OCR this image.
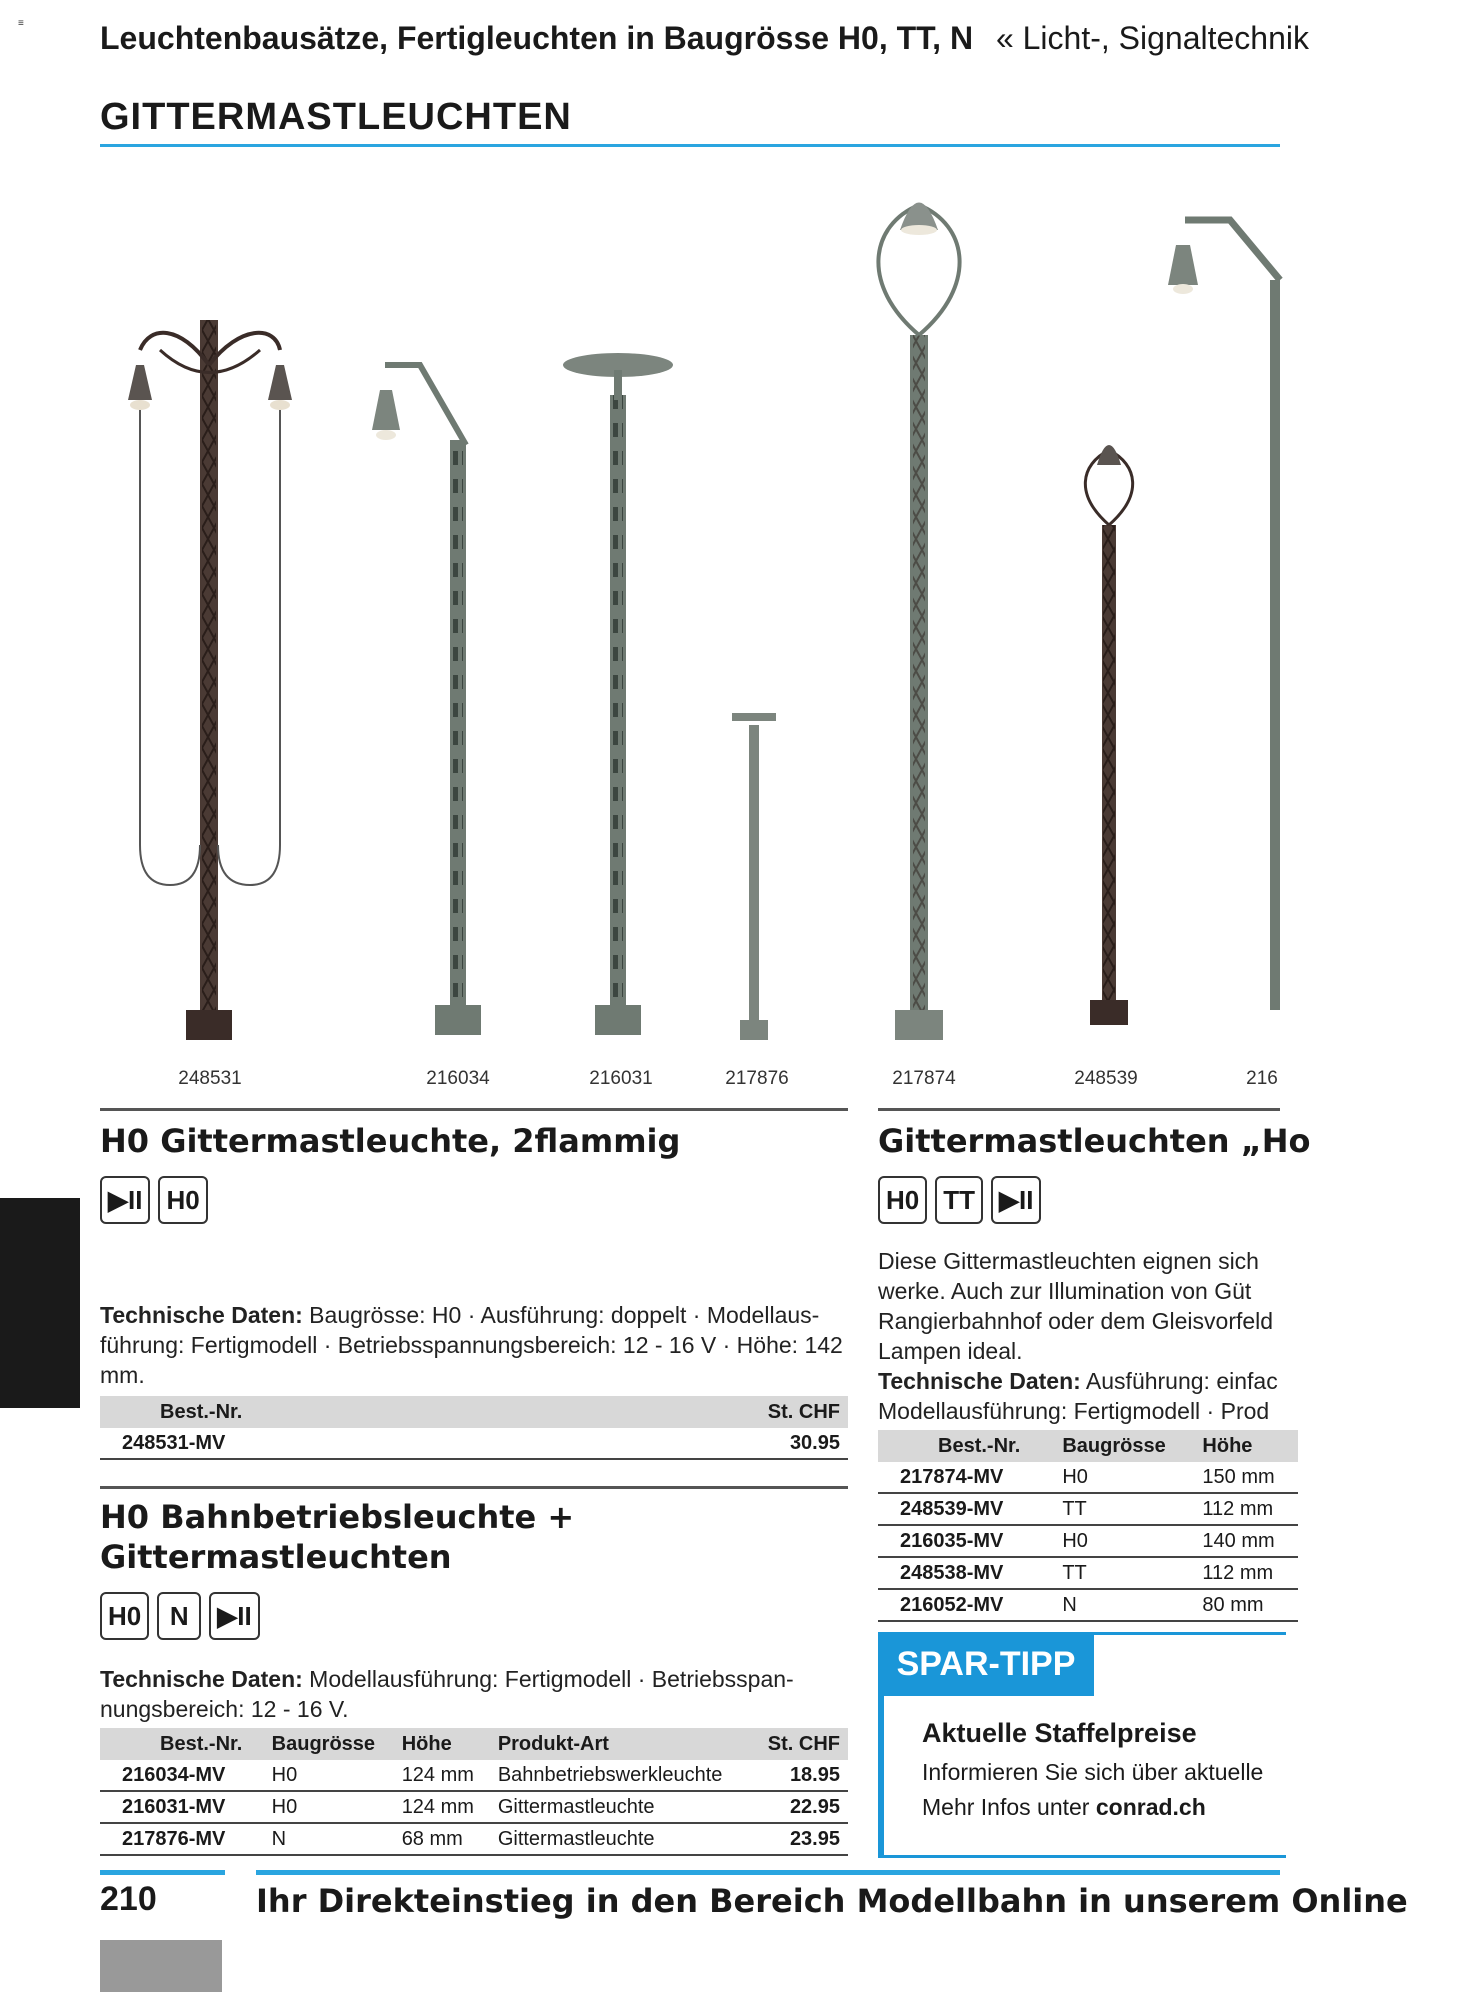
≡ Leuchtenbausätze, Fertigleuchten in Baugrösse H0, TT, N « Licht-, Signaltechnik
GITTERMASTLEUCHTEN
248531	216034	216031	217876	217874	248539	216
H0 Gittermastleuchte, 2flammig
▶II H0
Technische Daten: Baugrösse: H0 · Ausführung: doppelt · Modellausführung: Fertigmodell · Betriebsspannungsbereich: 12 - 16 V · Höhe: 142 mm.
Best.-Nr.	St. CHF
248531-MV	30.95
H0 Bahnbetriebsleuchte +
Gittermastleuchten
H0	N	▶II
Technische Daten: Modellausführung: Fertigmodell · Betriebsspannungsbereich: 12 - 16 V.
Best.-Nr.	Baugrösse	Höhe	Produkt-Art	St. CHF
216034-MV	H0	124 mm	Bahnbetriebswerkleuchte	18.95
216031-MV	H0	124 mm	Gittermastleuchte	22.95
217876-MV	N	68 mm	Gittermastleuchte	23.95
Gittermastleuchten „Ho
H0 TT ▶II
Diese Gittermastleuchten eignen sich
werke. Auch zur Illumination von Güt
Rangierbahnhof oder dem Gleisvorfeld
Lampen ideal.
Technische Daten: Ausführung: einfac
Modellausführung: Fertigmodell · Prod
Best.-Nr.	Baugrösse	Höhe
217874-MV	H0	150 mm
248539-MV	TT	112 mm
216035-MV	H0	140 mm
248538-MV	TT	112 mm
216052-MV	N	80 mm
SPAR-TIPP
Aktuelle Staffelpreise
Informieren Sie sich über aktuelle
Mehr Infos unter conrad.ch
210	Ihr Direkteinstieg in den Bereich Modellbahn in unserem Online
